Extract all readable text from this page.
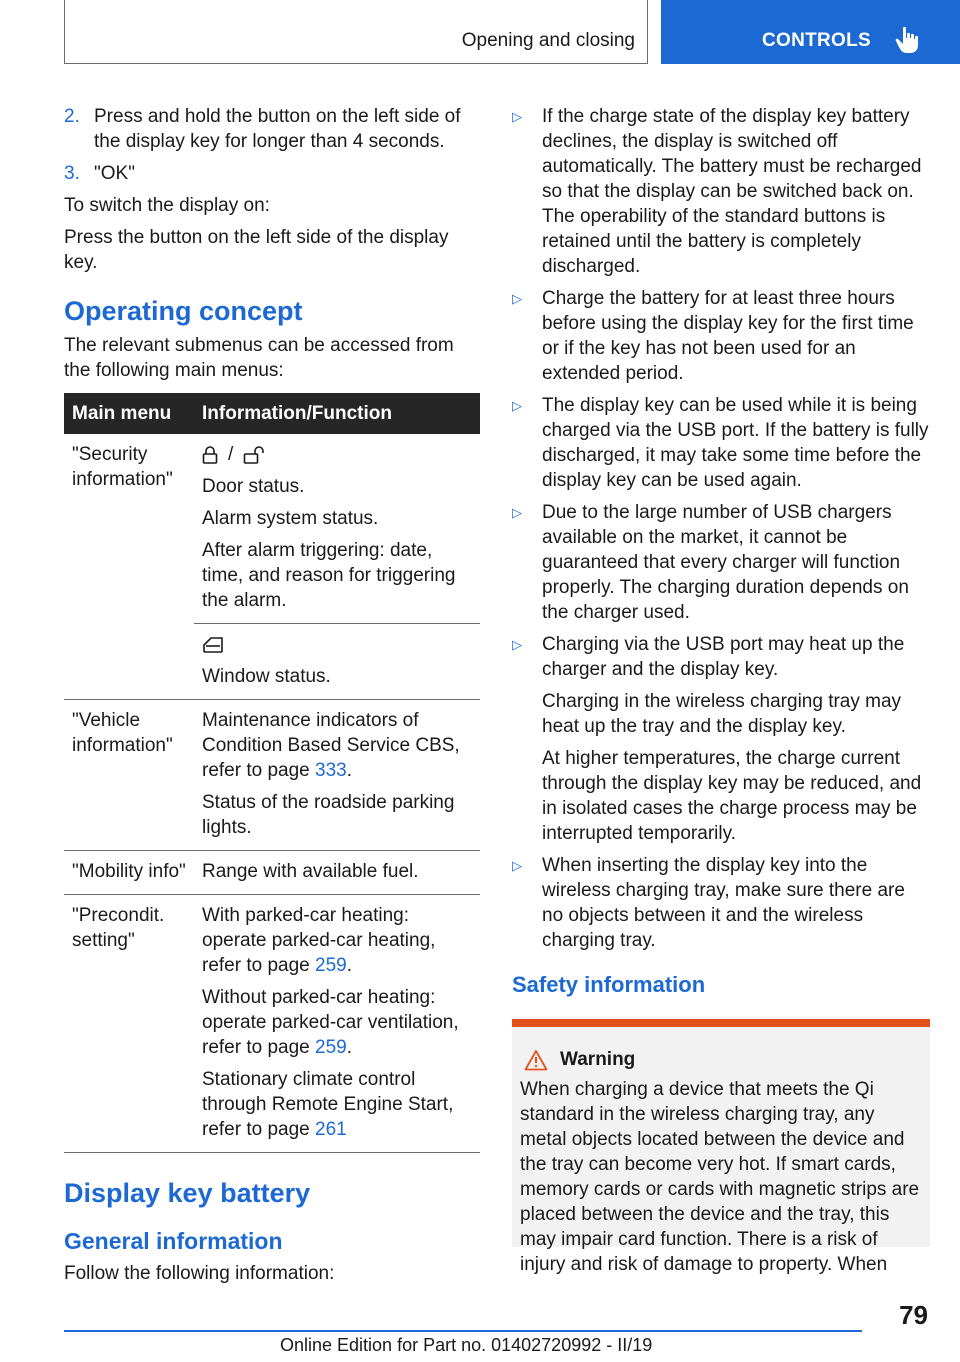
Opening and closing	CONTROLS
2. Press and hold the button on the left side of the display key for longer than 4 seconds.
3. "OK"

To switch the display on:

Press the button on the left side of the display key.

Operating concept

The relevant submenus can be accessed from the following main menus:

Main menu	Information/Function
"Security information"	/

Door status.

Alarm system status.

After alarm triggering: date, time, and reason for triggering the alarm.

	Window status.

"Vehicle information"	Maintenance indicators of Condition Based Service CBS, refer to page 333.

Status of the roadside parking lights.

"Mobility info"	Range with available fuel.
"Precondit. setting"	With parked-car heating: operate parked-car heating, refer to page 259.

Without parked-car heating: operate parked-car ventilation, refer to page 259.

Stationary climate control through Remote Engine Start, refer to page 261

Display key battery
General information

Follow the following information:

▷ If the charge state of the display key battery declines, the display is switched off automatically. The battery must be recharged so that the display can be switched back on. The operability of the standard buttons is retained until the battery is completely discharged.

▷ Charge the battery for at least three hours before using the display key for the first time or if the key has not been used for an extended period.

▷ The display key can be used while it is being charged via the USB port. If the battery is fully discharged, it may take some time before the display key can be used again.

▷ Due to the large number of USB chargers available on the market, it cannot be guaranteed that every charger will function properly. The charging duration depends on the charger used.

▷ Charging via the USB port may heat up the charger and the display key.

Charging in the wireless charging tray may heat up the tray and the display key.

At higher temperatures, the charge current through the display key may be reduced, and in isolated cases the charge process may be interrupted temporarily.

▷ When inserting the display key into the wireless charging tray, make sure there are no objects between it and the wireless charging tray.

Safety information
Warning

When charging a device that meets the Qi standard in the wireless charging tray, any metal objects located between the device and the tray can become very hot. If smart cards, memory cards or cards with magnetic strips are placed between the device and the tray, this may impair card function. There is a risk of injury and risk of damage to property. When

79
Online Edition for Part no. 01402720992 - II/19
